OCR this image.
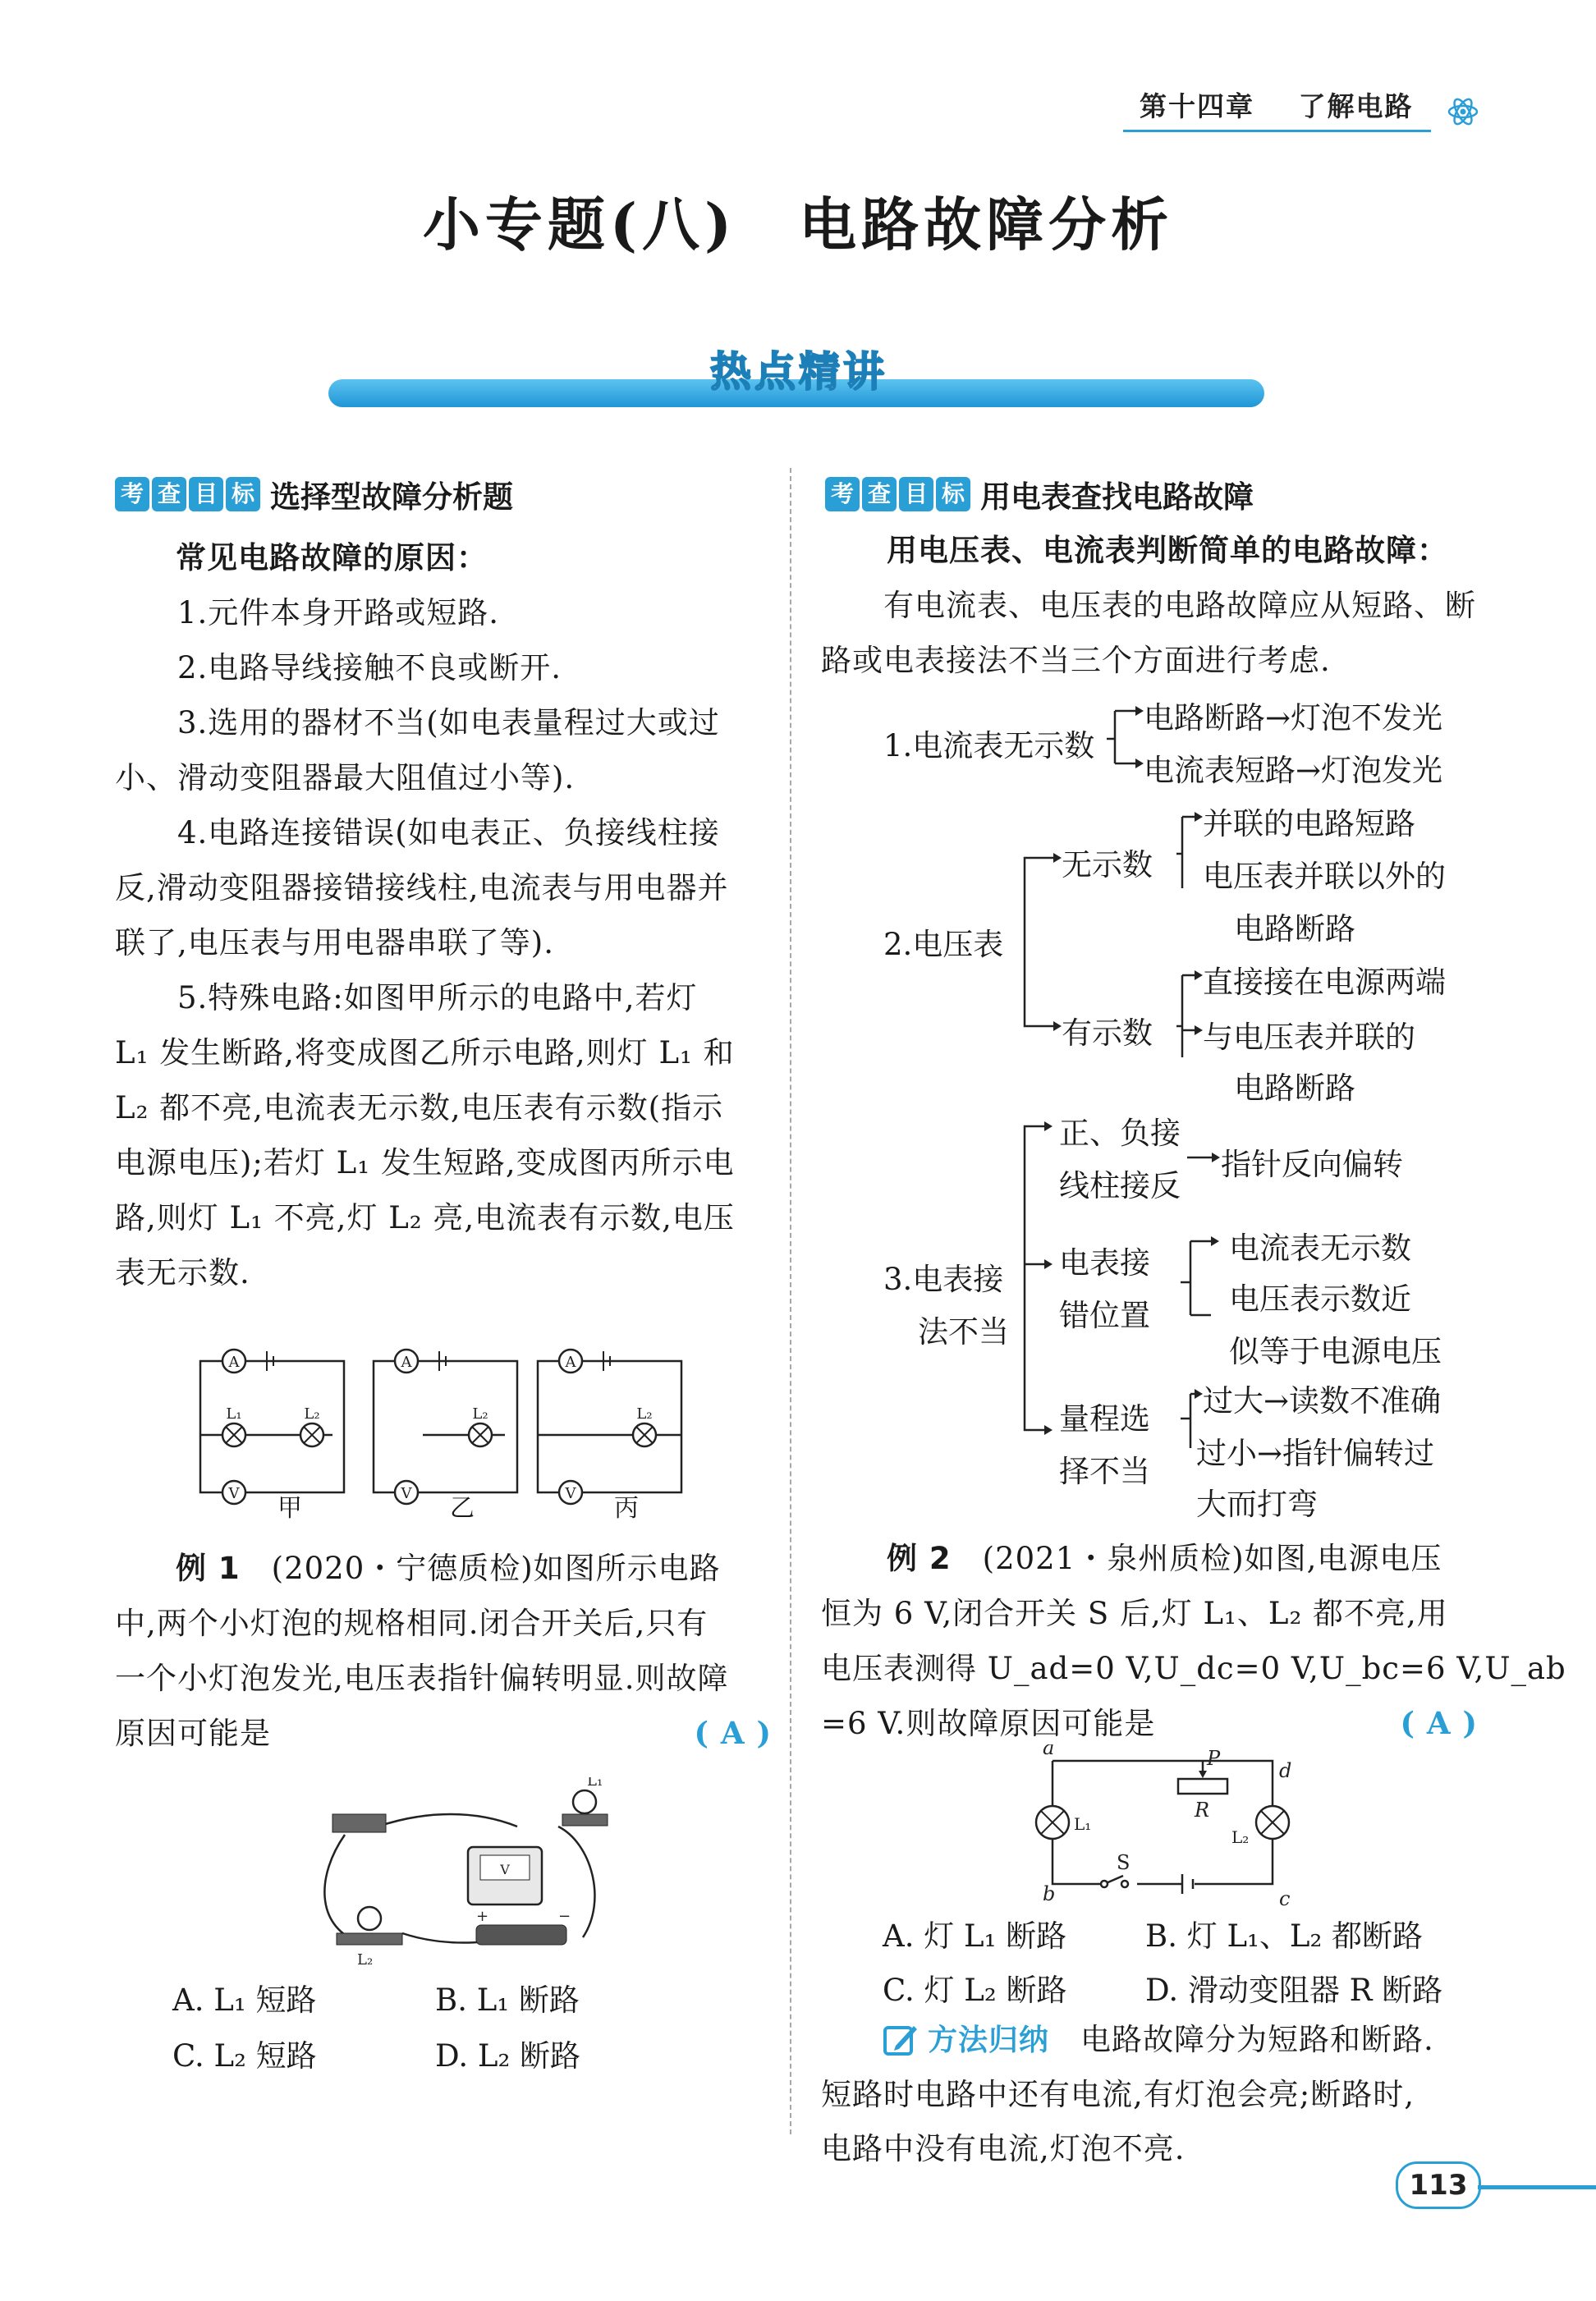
第十四章 了解电路
小专题(八)　电路故障分析
热点精讲
考 查 目 标 选择型故障分析题
常见电路故障的原因：
　　1.元件本身开路或短路.
　　2.电路导线接触不良或断开.
　　3.选用的器材不当(如电表量程过大或过
小、滑动变阻器最大阻值过小等).
　　4.电路连接错误(如电表正、负接线柱接
反,滑动变阻器接错接线柱,电流表与用电器并
联了,电压表与用电器串联了等).
　　5.特殊电路:如图甲所示的电路中,若灯
L₁ 发生断路,将变成图乙所示电路,则灯 L₁ 和
L₂ 都不亮,电流表无示数,电压表有示数(指示
电源电压);若灯 L₁ 发生短路,变成图丙所示电
路,则灯 L₁ 不亮,灯 L₂ 亮,电流表有示数,电压
表无示数.
A	A	A
V	V	V
L₁	L₂	L₂	L₂
甲	乙	丙
例 1　 (2020・宁德质检)如图所示电路
中,两个小灯泡的规格相同.闭合开关后,只有
一个小灯泡发光,电压表指针偏转明显.则故障
原因可能是	( A )
V
L₁
L₂
+	−
A. L₁ 短路	B. L₁ 断路
C. L₂ 短路	D. L₂ 断路
考 查 目 标 用电表查找电路故障
用电压表、电流表判断简单的电路故障：
　　有电流表、电压表的电路故障应从短路、断
路或电表接法不当三个方面进行考虑.
1.电流表无示数
电路断路→灯泡不发光
电流表短路→灯泡发光
2.电压表
无示数
并联的电路短路
电压表并联以外的
电路断路
有示数
直接接在电源两端
与电压表并联的
电路断路
3.电表接
法不当
正、负接
线柱接反
指针反向偏转
电表接
错位置
电流表无示数
电压表示数近
似等于电源电压
量程选
择不当
过大→读数不准确
过小→指针偏转过
大而打弯
例 2　 (2021・泉州质检)如图,电源电压
恒为 6 V,闭合开关 S 后,灯 L₁、L₂ 都不亮,用
电压表测得 U_ad=0 V,U_dc=0 V,U_bc=6 V,U_ab
=6 V.则故障原因可能是	( A )
a
b	c
d
P
R
S
L₁
L₂
A. 灯 L₁ 断路	B. 灯 L₁、L₂ 都断路
C. 灯 L₂ 断路	D. 滑动变阻器 R 断路
方法归纳　 电路故障分为短路和断路.
短路时电路中还有电流,有灯泡会亮;断路时,
电路中没有电流,灯泡不亮.
113
